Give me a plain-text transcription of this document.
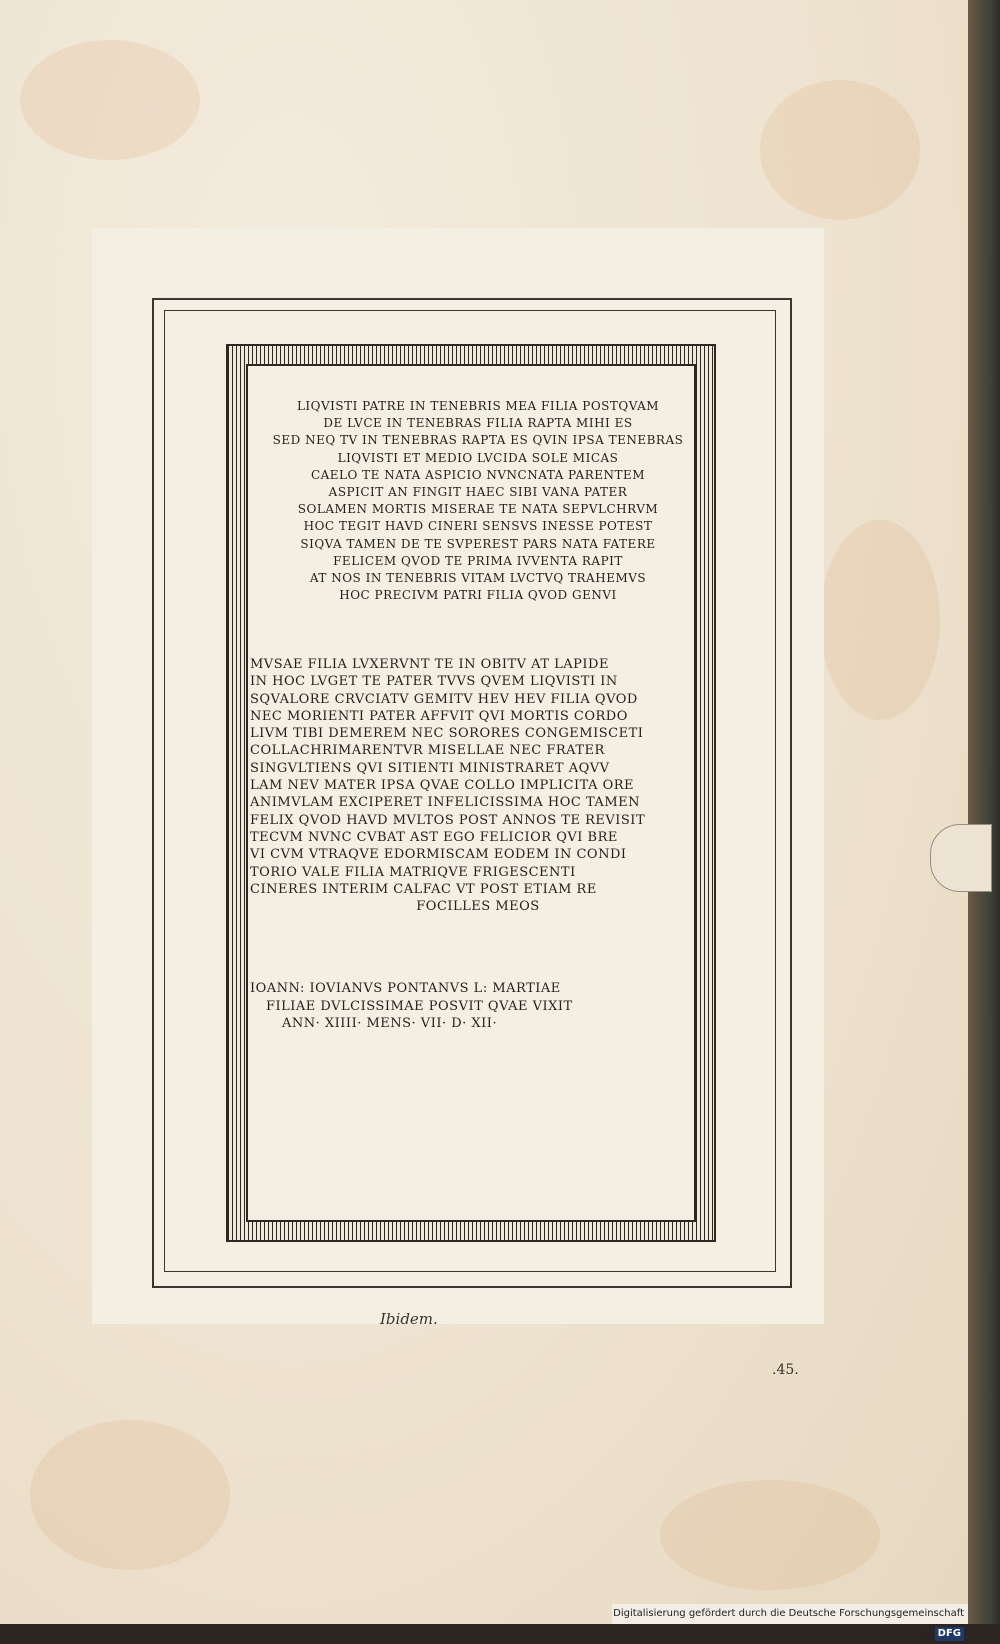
LIQVISTI PATRE IN TENEBRIS MEA FILIA POSTQVAM
DE LVCE IN TENEBRAS FILIA RAPTA MIHI ES
SED NEQ TV IN TENEBRAS RAPTA ES QVIN IPSA TENEBRAS
LIQVISTI ET MEDIO LVCIDA SOLE MICAS
CAELO TE NATA ASPICIO NVNCNATA PARENTEM
ASPICIT AN FINGIT HAEC SIBI VANA PATER
SOLAMEN MORTIS MISERAE TE NATA SEPVLCHRVM
HOC TEGIT HAVD CINERI SENSVS INESSE POTEST
SIQVA TAMEN DE TE SVPEREST PARS NATA FATERE
FELICEM QVOD TE PRIMA IVVENTA RAPIT
AT NOS IN TENEBRIS VITAM LVCTVQ TRAHEMVS
HOC PRECIVM PATRI FILIA QVOD GENVI
MVSAE FILIA LVXERVNT TE IN OBITV AT LAPIDE
IN HOC LVGET TE PATER TVVS QVEM LIQVISTI IN
SQVALORE CRVCIATV GEMITV HEV HEV FILIA QVOD
NEC MORIENTI PATER AFFVIT QVI MORTIS CORDO
LIVM TIBI DEMEREM NEC SORORES CONGEMISCETI
COLLACHRIMARENTVR MISELLAE NEC FRATER
SINGVLTIENS QVI SITIENTI MINISTRARET AQVV
LAM NEV MATER IPSA QVAE COLLO IMPLICITA ORE
ANIMVLAM EXCIPERET INFELICISSIMA HOC TAMEN
FELIX QVOD HAVD MVLTOS POST ANNOS TE REVISIT
TECVM NVNC CVBAT AST EGO FELICIOR QVI BRE
VI CVM VTRAQVE EDORMISCAM EODEM IN CONDI
TORIO VALE FILIA MATRIQVE FRIGESCENTI
CINERES INTERIM CALFAC VT POST ETIAM RE
FOCILLES MEOS
IOANN: IOVIANVS PONTANVS L: MARTIAE
FILIAE DVLCISSIMAE POSVIT QVAE VIXIT
ANN· XIIII· MENS· VII· D· XII·
Ibidem.
.45.
Digitalisierung gefördert durch die Deutsche Forschungsgemeinschaft - DFG
